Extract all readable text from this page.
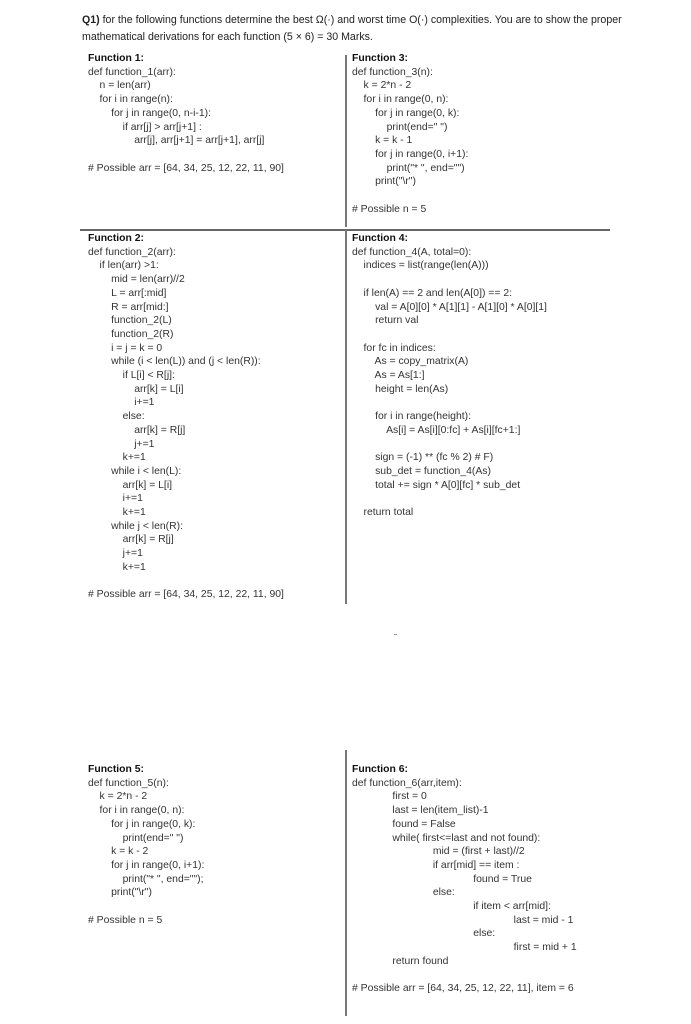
Q1) for the following functions determine the best Ω(·) and worst time O(·) complexities. You are to show the proper mathematical derivations for each function (5 × 6) = 30 Marks.
Function 1:
def function_1(arr):
n = len(arr)
for i in range(n):
for j in range(0, n-i-1):
if arr[j] > arr[j+1] :
arr[j], arr[j+1] = arr[j+1], arr[j]
# Possible arr = [64, 34, 25, 12, 22, 11, 90]
Function 3:
def function_3(n):
k = 2*n - 2
for i in range(0, n):
for j in range(0, k):
print(end=" ")
k = k - 1
for j in range(0, i+1):
print("* ", end="")
print("\r")
# Possible n = 5
Function 2:
def function_2(arr):
if len(arr) >1:
mid = len(arr)//2
L = arr[:mid]
R = arr[mid:]
function_2(L)
function_2(R)
i = j = k = 0
while (i < len(L)) and (j < len(R)):
if L[i] < R[j]:
arr[k] = L[i]
i+=1
else:
arr[k] = R[j]
j+=1
k+=1
while i < len(L):
arr[k] = L[i]
i+=1
k+=1
while j < len(R):
arr[k] = R[j]
j+=1
k+=1
# Possible arr = [64, 34, 25, 12, 22, 11, 90]
Function 4:
def function_4(A, total=0):
indices = list(range(len(A)))
if len(A) == 2 and len(A[0]) == 2:
val = A[0][0] * A[1][1] - A[1][0] * A[0][1]
return val
for fc in indices:
As = copy_matrix(A)
As = As[1:]
height = len(As)
for i in range(height):
As[i] = As[i][0:fc] + As[i][fc+1:]
sign = (-1) ** (fc % 2) # F)
sub_det = function_4(As)
total += sign * A[0][fc] * sub_det
return total
Function 5:
def function_5(n):
k = 2*n - 2
for i in range(0, n):
for j in range(0, k):
print(end=" ")
k = k - 2
for j in range(0, i+1):
print("* ", end="");
print("\r")
# Possible n = 5
Function 6:
def function_6(arr,item):
first = 0
last = len(item_list)-1
found = False
while( first<=last and not found):
mid = (first + last)//2
if arr[mid] == item :
found = True
else:
if item < arr[mid]:
last = mid - 1
else:
first = mid + 1
return found
# Possible arr = [64, 34, 25, 12, 22, 11], item = 6
